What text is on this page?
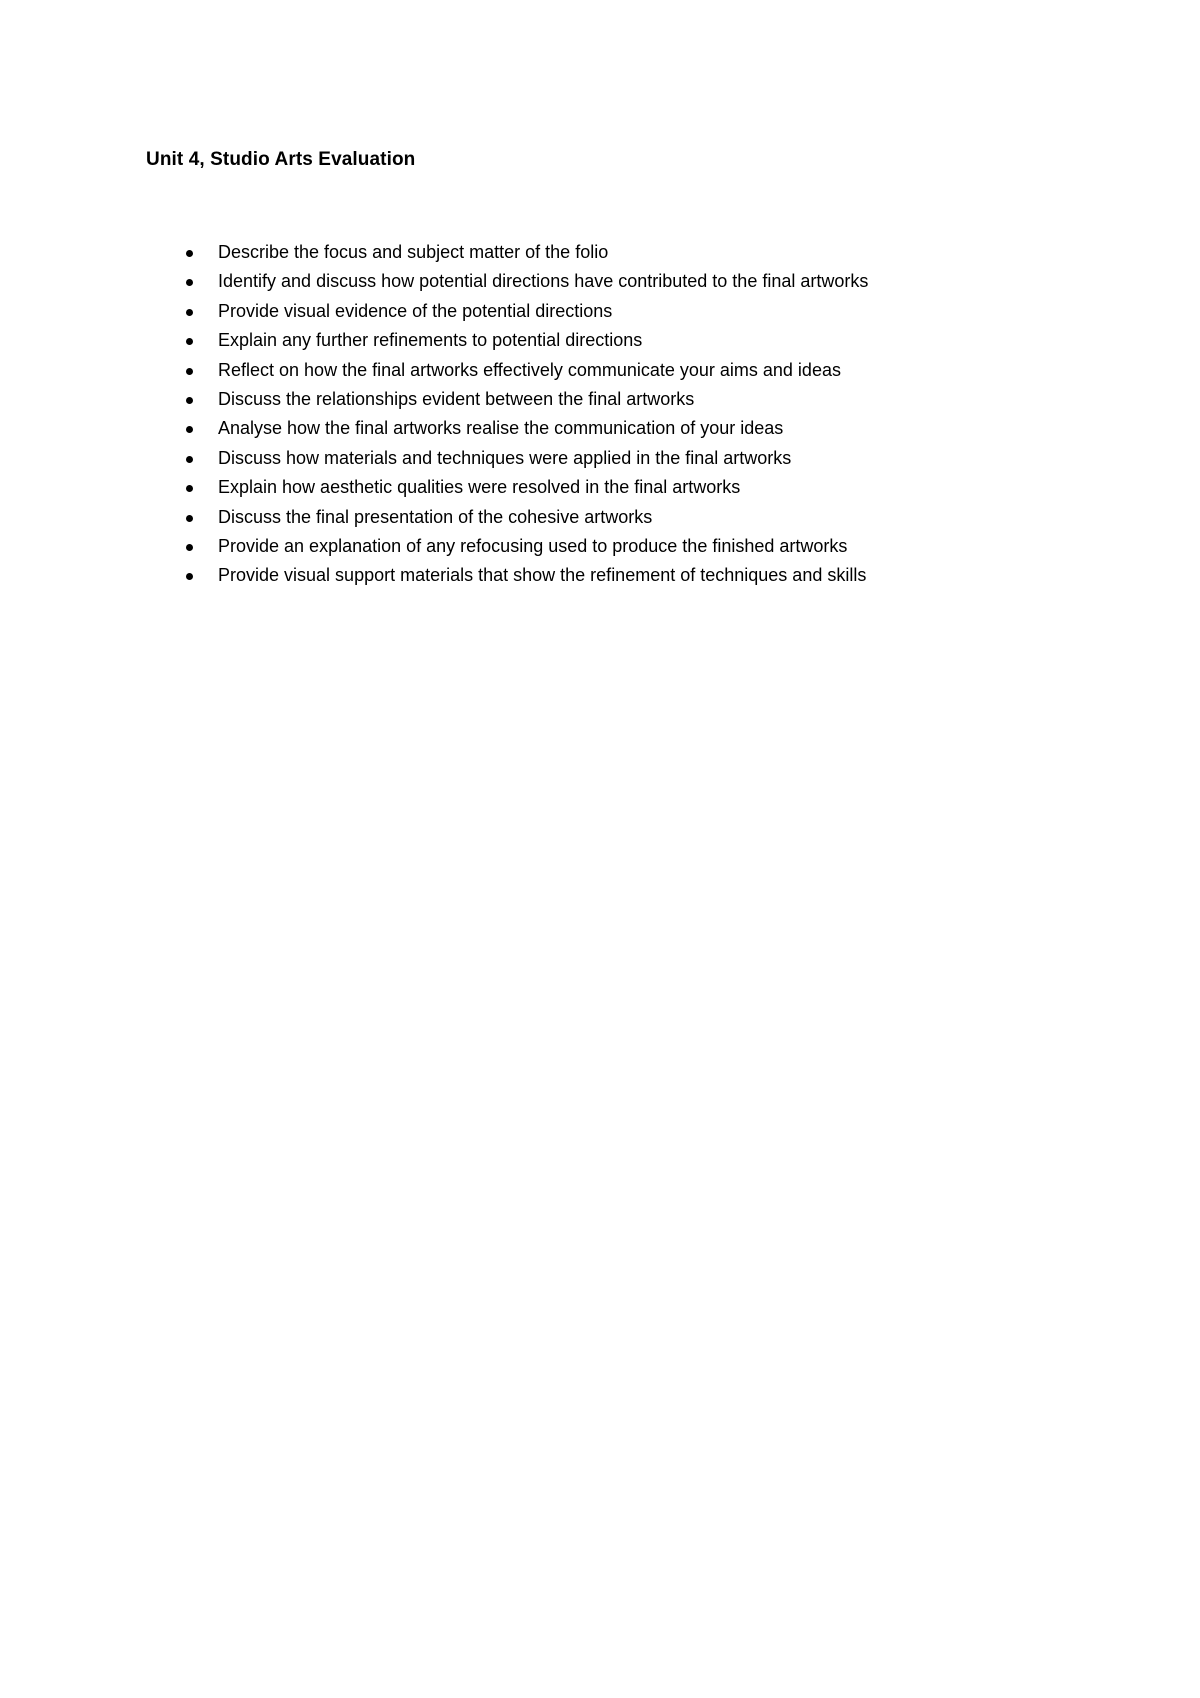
Unit 4, Studio Arts Evaluation
Describe the focus and subject matter of the folio
Identify and discuss how potential directions have contributed to the final artworks
Provide visual evidence of the potential directions
Explain any further refinements to potential directions
Reflect on how the final artworks effectively communicate your aims and ideas
Discuss the relationships evident between the final artworks
Analyse how the final artworks realise the communication of your ideas
Discuss how materials and techniques were applied in the final artworks
Explain how aesthetic qualities were resolved in the final artworks
Discuss the final presentation of the cohesive artworks
Provide an explanation of any refocusing used to produce the finished artworks
Provide visual support materials that show the refinement of techniques and skills
